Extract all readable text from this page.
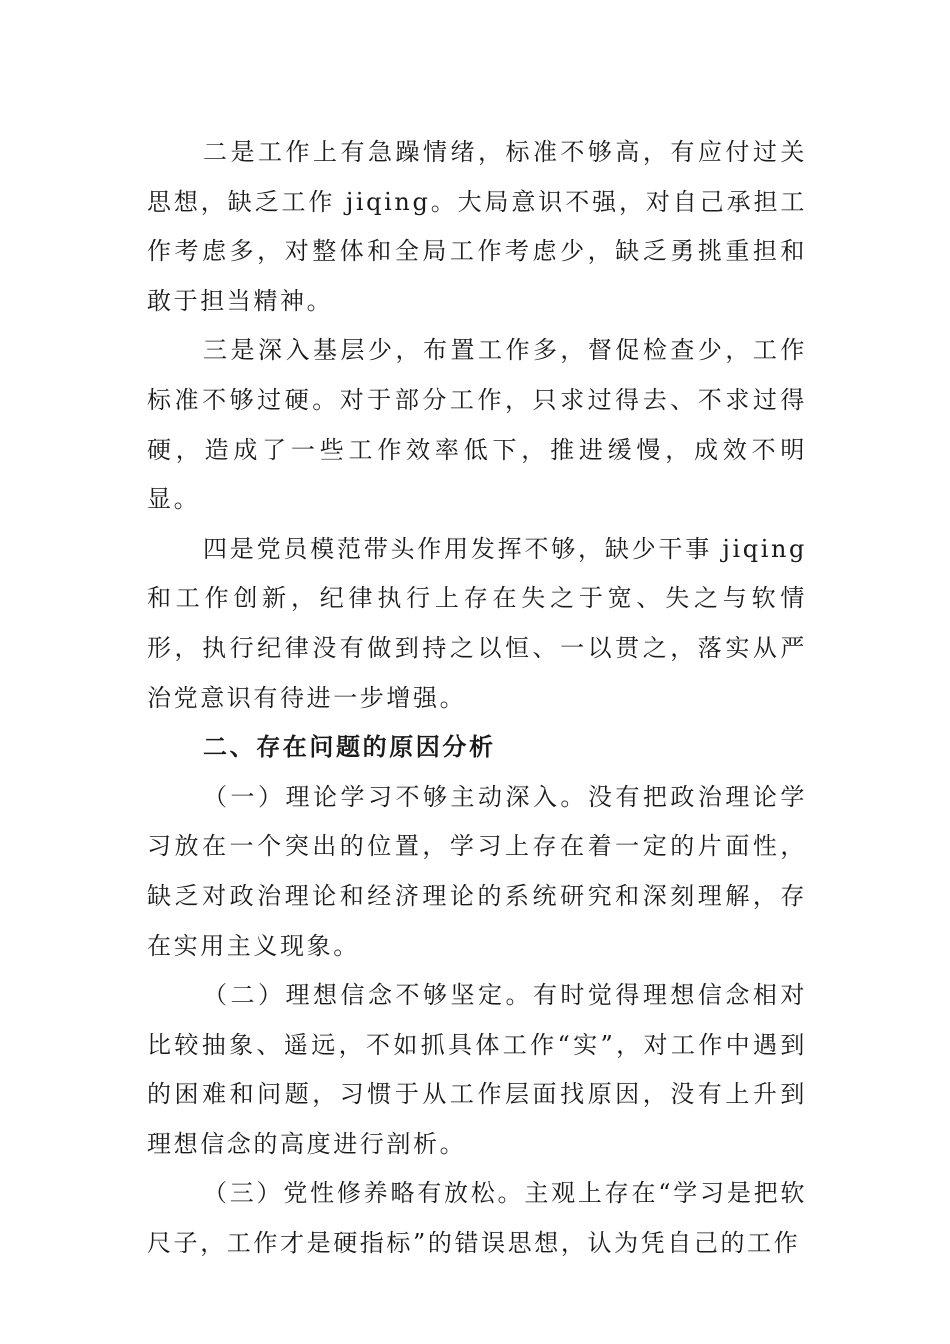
二是工作上有急躁情绪，标准不够高，有应付过关思想，缺乏工作 jiqing。大局意识不强，对自己承担工作考虑多，对整体和全局工作考虑少，缺乏勇挑重担和敢于担当精神。

三是深入基层少，布置工作多，督促检查少，工作标准不够过硬。对于部分工作，只求过得去、不求过得硬，造成了一些工作效率低下，推进缓慢，成效不明显。

四是党员模范带头作用发挥不够，缺少干事 jiqing 和工作创新，纪律执行上存在失之于宽、失之与软情形，执行纪律没有做到持之以恒、一以贯之，落实从严治党意识有待进一步增强。

二、存在问题的原因分析

（一）理论学习不够主动深入。没有把政治理论学习放在一个突出的位置，学习上存在着一定的片面性，缺乏对政治理论和经济理论的系统研究和深刻理解，存在实用主义现象。

（二）理想信念不够坚定。有时觉得理想信念相对比较抽象、遥远，不如抓具体工作“实”，对工作中遇到的困难和问题，习惯于从工作层面找原因，没有上升到理想信念的高度进行剖析。

（三）党性修养略有放松。主观上存在“学习是把软尺子，工作才是硬指标”的错误思想，认为凭自己的工作
